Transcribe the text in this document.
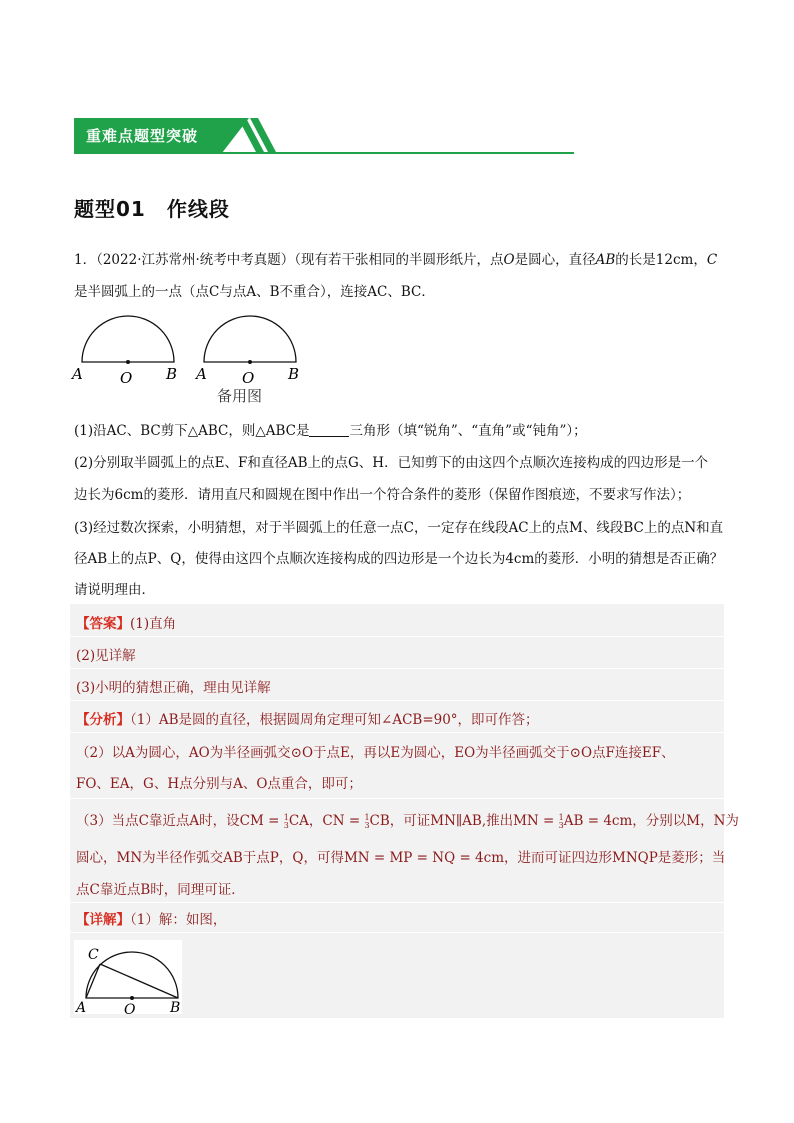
重难点题型突破
题型01　作线段
1．（2022·江苏常州·统考中考真题）（现有若干张相同的半圆形纸片，点O是圆心，直径AB的长是12cm，C
是半圆弧上的一点（点C与点A、B不重合），连接AC、BC．
A O B A O B
备用图
(1)沿AC、BC剪下△ABC，则△ABC是	三角形（填“锐角”、“直角”或“钝角”）；
(2)分别取半圆弧上的点E、F和直径AB上的点G、H．已知剪下的由这四个点顺次连接构成的四边形是一个
边长为6cm的菱形．请用直尺和圆规在图中作出一个符合条件的菱形（保留作图痕迹，不要求写作法）；
(3)经过数次探索，小明猜想，对于半圆弧上的任意一点C，一定存在线段AC上的点M、线段BC上的点N和直
径AB上的点P、Q，使得由这四个点顺次连接构成的四边形是一个边长为4cm的菱形．小明的猜想是否正确？
请说明理由．
【答案】(1)直角
(2)见详解
(3)小明的猜想正确，理由见详解
【分析】（1）AB是圆的直径，根据圆周角定理可知∠ACB=90°，即可作答；
（2）以A为圆心，AO为半径画弧交⊙O于点E，再以E为圆心，EO为半径画弧交于⊙O点F连接EF、
FO、EA，G、H点分别与A、O点重合，即可；
（3）当点C靠近点A时，设CM = 1
3 CA，CN = 1
3 CB，可证MN∥AB,推出MN = 1
3 AB = 4cm，分别以M，N为
圆心，MN为半径作弧交AB于点P，Q，可得MN = MP = NQ = 4cm，进而可证四边形MNQP是菱形；当
点C靠近点B时，同理可证．
【详解】（1）解：如图，
C
A	O B
